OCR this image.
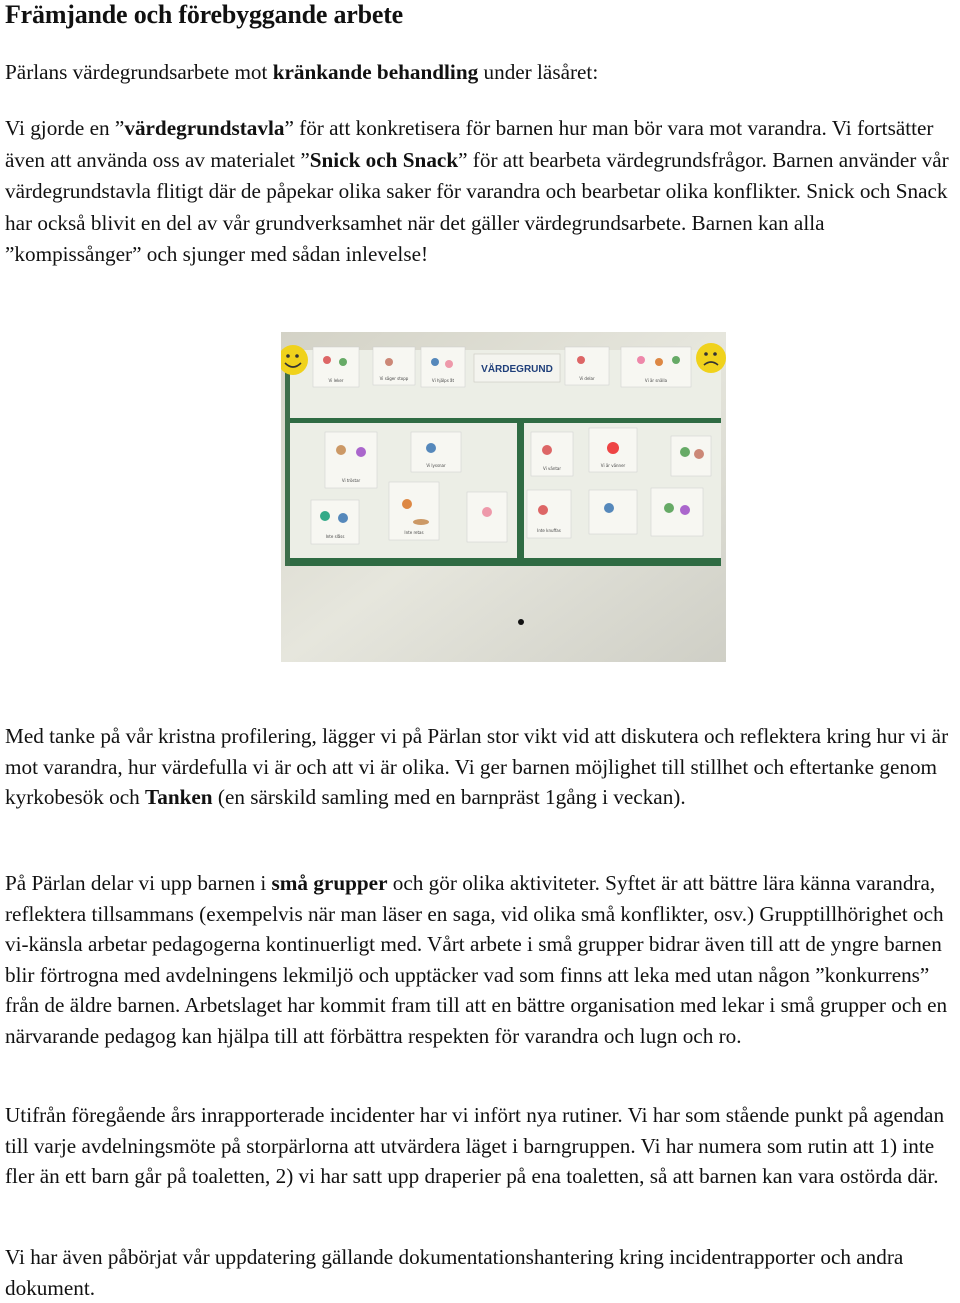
Främjande och förebyggande arbete

Pärlans värdegrundsarbete mot kränkande behandling under läsåret:

Vi gjorde en ”värdegrundstavla” för att konkretisera för barnen hur man bör vara mot varandra. Vi fortsätter även att använda oss av materialet ”Snick och Snack” för att bearbeta värdegrundsfrågor. Barnen använder vår värdegrundstavla flitigt där de påpekar olika saker för varandra och bearbetar olika konflikter. Snick och Snack har också blivit en del av vår grundverksamhet när det gäller värdegrundsarbete. Barnen kan alla ”kompissånger” och sjunger med sådan inlevelse!

VÄRDEGRUND
Vi leker	Vi säger stopp	Vi hjälps åt	Vi delar	Vi är snälla
Vi tröstar
Vi lyssnar
Vi väntar
Vi är vänner
Inte slåss
Inte retas	Inte knuffas

Med tanke på vår kristna profilering, lägger vi på Pärlan stor vikt vid att diskutera och reflektera kring hur vi är mot varandra, hur värdefulla vi är och att vi är olika. Vi ger barnen möjlighet till stillhet och eftertanke genom kyrkobesök och Tanken (en särskild samling med en barnpräst 1gång i veckan).

På Pärlan delar vi upp barnen i små grupper och gör olika aktiviteter. Syftet är att bättre lära känna varandra, reflektera tillsammans (exempelvis när man läser en saga, vid olika små konflikter, osv.) Grupptillhörighet och vi-känsla arbetar pedagogerna kontinuerligt med. Vårt arbete i små grupper bidrar även till att de yngre barnen blir förtrogna med avdelningens lekmiljö och upptäcker vad som finns att leka med utan någon ”konkurrens” från de äldre barnen. Arbetslaget har kommit fram till att en bättre organisation med lekar i små grupper och en närvarande pedagog kan hjälpa till att förbättra respekten för varandra och lugn och ro.

Utifrån föregående års inrapporterade incidenter har vi infört nya rutiner. Vi har som stående punkt på agendan till varje avdelningsmöte på storpärlorna att utvärdera läget i barngruppen. Vi har numera som rutin att 1) inte fler än ett barn går på toaletten, 2) vi har satt upp draperier på ena toaletten, så att barnen kan vara ostörda där.

Vi har även påbörjat vår uppdatering gällande dokumentationshantering kring incidentrapporter och andra dokument.
